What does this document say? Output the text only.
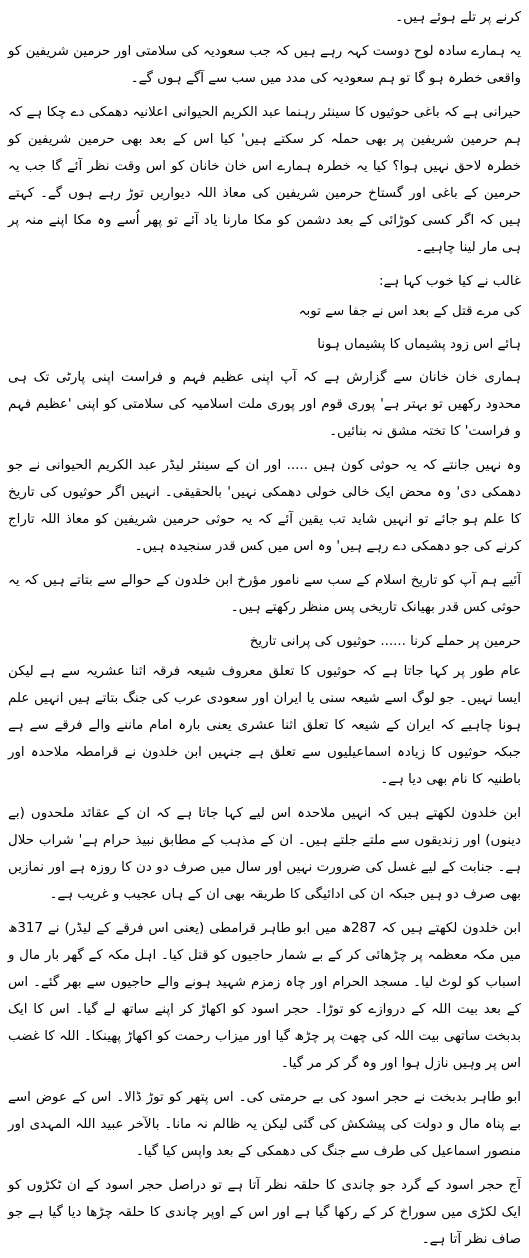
کرنے پر تلے ہوئے ہیں۔

یہ ہمارے سادہ لوح دوست کہہ رہے ہیں کہ جب سعودیہ کی سلامتی اور حرمین شریفین کو واقعی خطرہ ہو گا تو ہم سعودیہ کی مدد میں سب سے آگے ہوں گے۔

حیرانی ہے کہ باغی حوثیوں کا سینئر رہنما عبد الکریم الحیوانی اعلانیہ دھمکی دے چکا ہے کہ ہم حرمین شریفین پر بھی حملہ کر سکتے ہیں' کیا اس کے بعد بھی حرمین شریفین کو خطرہ لاحق نہیں ہوا؟ کیا یہ خطرہ ہمارے اس خان خانان کو اس وقت نظر آئے گا جب یہ حرمین کے باغی اور گستاخ حرمین شریفین کی معاذ اللہ دیواریں توڑ رہے ہوں گے۔ کہتے ہیں کہ اگر کسی کوڑائی کے بعد دشمن کو مکا مارنا یاد آئے تو پھر اُسے وہ مکا اپنے منہ پر ہی مار لینا چاہیے۔

غالب نے کیا خوب کہا ہے:

کی مرے قتل کے بعد اس نے جفا سے توبہ

ہائے اس زود پشیماں کا پشیماں ہونا

ہماری خان خانان سے گزارش ہے کہ آپ اپنی عظیم فہم و فراست اپنی پارٹی تک ہی محدود رکھیں تو بہتر ہے' پوری قوم اور پوری ملت اسلامیہ کی سلامتی کو اپنی 'عظیم فہم و فراست' کا تختہ مشق نہ بنائیں۔

وہ نہیں جانتے کہ یہ حوثی کون ہیں ..... اور ان کے سینئر لیڈر عبد الکریم الحیوانی نے جو دھمکی دی' وہ محض ایک خالی خولی دھمکی نہیں' بالحقیقی۔ انہیں اگر حوثیوں کی تاریخ کا علم ہو جائے تو انہیں شاید تب یقین آئے کہ یہ حوثی حرمین شریفین کو معاذ اللہ تاراج کرنے کی جو دھمکی دے رہے ہیں' وہ اس میں کس قدر سنجیدہ ہیں۔

آئیے ہم آپ کو تاریخ اسلام کے سب سے نامور مؤرخ ابن خلدون کے حوالے سے بتاتے ہیں کہ یہ حوثی کس قدر بھیانک تاریخی پس منظر رکھتے ہیں۔

حرمین پر حملے کرنا ...... حوثیوں کی پرانی تاریخ

عام طور پر کہا جاتا ہے کہ حوثیوں کا تعلق معروف شیعہ فرقہ اثنا عشریہ سے ہے لیکن ایسا نہیں۔ جو لوگ اسے شیعہ سنی یا ایران اور سعودی عرب کی جنگ بتاتے ہیں انہیں علم ہونا چاہیے کہ ایران کے شیعہ کا تعلق اثنا عشری یعنی بارہ امام ماننے والے فرقے سے ہے جبکہ حوثیوں کا زیادہ اسماعیلیوں سے تعلق ہے جنہیں ابن خلدون نے قرامطہ ملاحدہ اور باطنیہ کا نام بھی دیا ہے۔

ابن خلدون لکھتے ہیں کہ انہیں ملاحدہ اس لیے کہا جاتا ہے کہ ان کے عقائد ملحدوں (بے دینوں) اور زندیقوں سے ملتے جلتے ہیں۔ ان کے مذہب کے مطابق نبیذ حرام ہے' شراب حلال ہے۔ جنابت کے لیے غسل کی ضرورت نہیں اور سال میں صرف دو دن کا روزہ ہے اور نمازیں بھی صرف دو ہیں جبکہ ان کی ادائیگی کا طریقہ بھی ان کے ہاں عجیب و غریب ہے۔

ابن خلدون لکھتے ہیں کہ 287ھ میں ابو طاہر قرامطی (یعنی اس فرقے کے لیڈر) نے 317ھ میں مکہ معظمہ پر چڑھائی کر کے بے شمار حاجیوں کو قتل کیا۔ اہل مکہ کے گھر بار مال و اسباب کو لوٹ لیا۔ مسجد الحرام اور چاہ زمزم شہید ہونے والے حاجیوں سے بھر گئے۔ اس کے بعد بیت اللہ کے دروازے کو توڑا۔ حجر اسود کو اکھاڑ کر اپنے ساتھ لے گیا۔ اس کا ایک بدبخت ساتھی بیت اللہ کی چھت پر چڑھ گیا اور میزاب رحمت کو اکھاڑ پھینکا۔ اللہ کا غضب اس پر وہیں نازل ہوا اور وہ گر کر مر گیا۔

ابو طاہر بدبخت نے حجر اسود کی بے حرمتی کی۔ اس پتھر کو توڑ ڈالا۔ اس کے عوض اسے بے پناہ مال و دولت کی پیشکش کی گئی لیکن یہ ظالم نہ مانا۔ بالآخر عبید اللہ المہدی اور منصور اسماعیل کی طرف سے جنگ کی دھمکی کے بعد واپس کیا گیا۔

آج حجر اسود کے گرد جو چاندی کا حلقہ نظر آتا ہے تو دراصل حجر اسود کے ان ٹکڑوں کو ایک لکڑی میں سوراخ کر کے رکھا گیا ہے اور اس کے اوپر چاندی کا حلقہ چڑھا دیا گیا ہے جو صاف نظر آتا ہے۔
